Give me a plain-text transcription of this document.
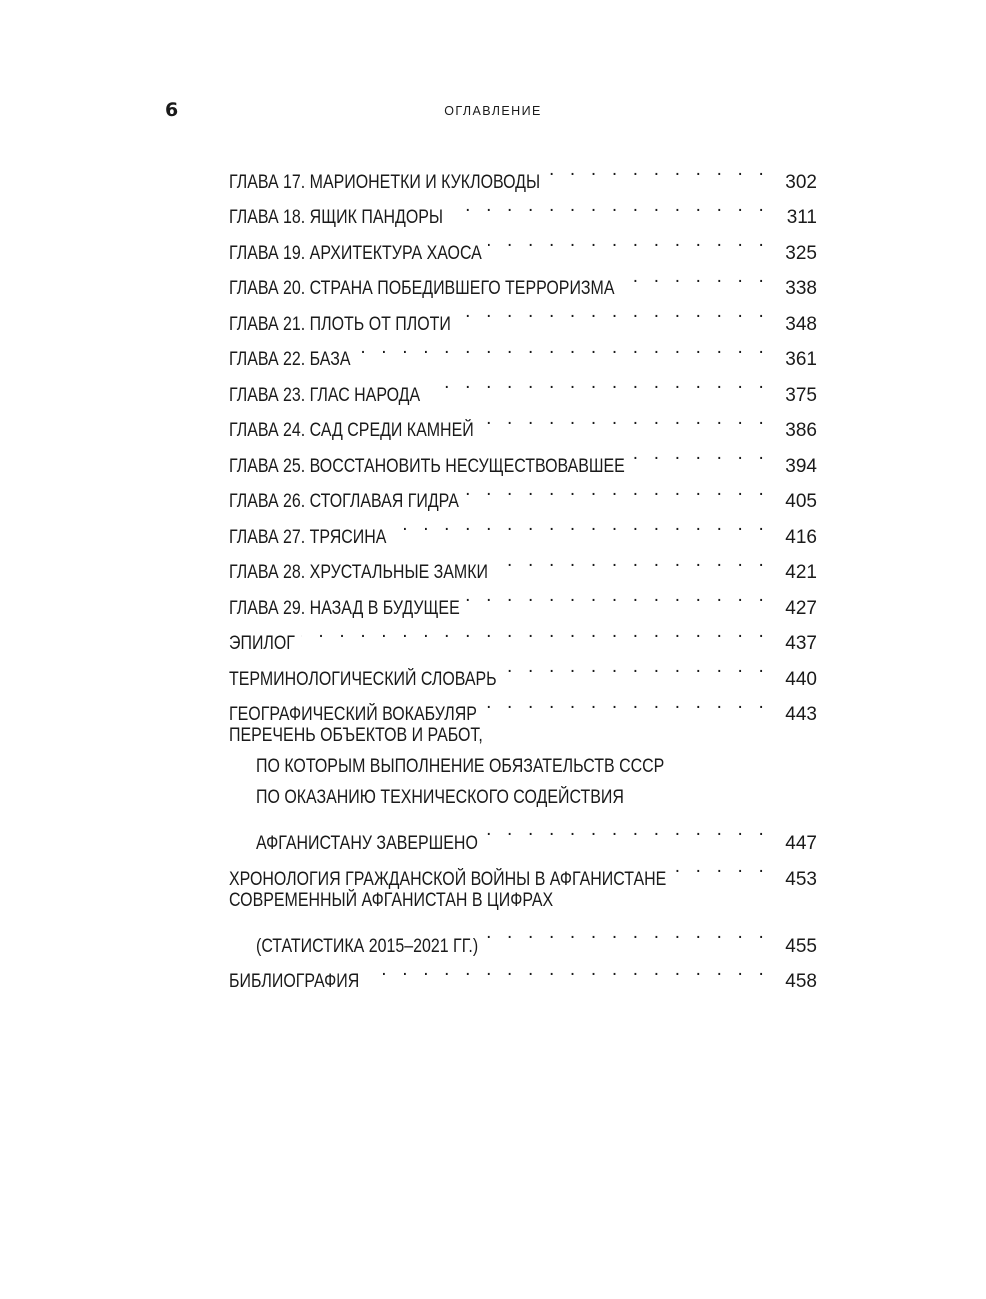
6	ОГЛАВЛЕНИЕ
ГЛАВА 17. МАРИОНЕТКИ И КУКЛОВОДЫ . . .	302
ГЛАВА 18. ЯЩИК ПАНДОРЫ . . .	311
ГЛАВА 19. АРХИТЕКТУРА ХАОСА . . .	325
ГЛАВА 20. СТРАНА ПОБЕДИВШЕГО ТЕРРОРИЗМА . . .	338
ГЛАВА 21. ПЛОТЬ ОТ ПЛОТИ . . .	348
ГЛАВА 22. БАЗА . . .	361
ГЛАВА 23. ГЛАС НАРОДА . . .	375
ГЛАВА 24. САД СРЕДИ КАМНЕЙ . . .	386
ГЛАВА 25. ВОССТАНОВИТЬ НЕСУЩЕСТВОВАВШЕЕ . . .	394
ГЛАВА 26. СТОГЛАВАЯ ГИДРА . . .	405
ГЛАВА 27. ТРЯСИНА . . .	416
ГЛАВА 28. ХРУСТАЛЬНЫЕ ЗАМКИ . . .	421
ГЛАВА 29. НАЗАД В БУДУЩЕЕ . . .	427
ЭПИЛОГ . . .	437
ТЕРМИНОЛОГИЧЕСКИЙ СЛОВАРЬ . . .	440
ГЕОГРАФИЧЕСКИЙ ВОКАБУЛЯР . . .	443
ПЕРЕЧЕНЬ ОБЪЕКТОВ И РАБОТ,
ПО КОТОРЫМ ВЫПОЛНЕНИЕ ОБЯЗАТЕЛЬСТВ СССР
ПО ОКАЗАНИЮ ТЕХНИЧЕСКОГО СОДЕЙСТВИЯ
АФГАНИСТАНУ ЗАВЕРШЕНО . . .	447
ХРОНОЛОГИЯ ГРАЖДАНСКОЙ ВОЙНЫ В АФГАНИСТАНЕ . . .	453
СОВРЕМЕННЫЙ АФГАНИСТАН В ЦИФРАХ
(СТАТИСТИКА 2015–2021 ГГ.) . . .	455
БИБЛИОГРАФИЯ . . .	458
